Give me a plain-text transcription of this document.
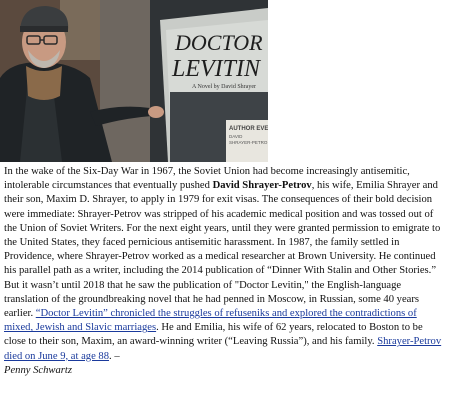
DOCTOR
LEVITIN
A Novel by David Shrayer
AUTHOR EVE
DAVID
SHRAYER-PETRO

In the wake of the Six-Day War in 1967, the Soviet Union had become increasingly antisemitic, intolerable circumstances that eventually pushed David Shrayer-Petrov, his wife, Emilia Shrayer and their son, Maxim D. Shrayer, to apply in 1979 for exit visas. The consequences of their bold decision were immediate: Shrayer-Petrov was stripped of his academic medical position and was tossed out of the Union of Soviet Writers. For the next eight years, until they were granted permission to emigrate to the United States, they faced pernicious antisemitic harassment. In 1987, the family settled in Providence, where Shrayer-Petrov worked as a medical researcher at Brown University. He continued his parallel path as a writer, including the 2014 publication of “Dinner With Stalin and Other Stories.” But it wasn’t until 2018 that he saw the publication of "Doctor Levitin," the English-language translation of the groundbreaking novel that he had penned in Moscow, in Russian, some 40 years earlier. “Doctor Levitin” chronicled the struggles of refuseniks and explored the contradictions of mixed, Jewish and Slavic marriages. He and Emilia, his wife of 62 years, relocated to Boston to be close to their son, Maxim, an award-winning writer (“Leaving Russia”), and his family. Shrayer-Petrov died on June 9, at age 88. –
Penny Schwartz
